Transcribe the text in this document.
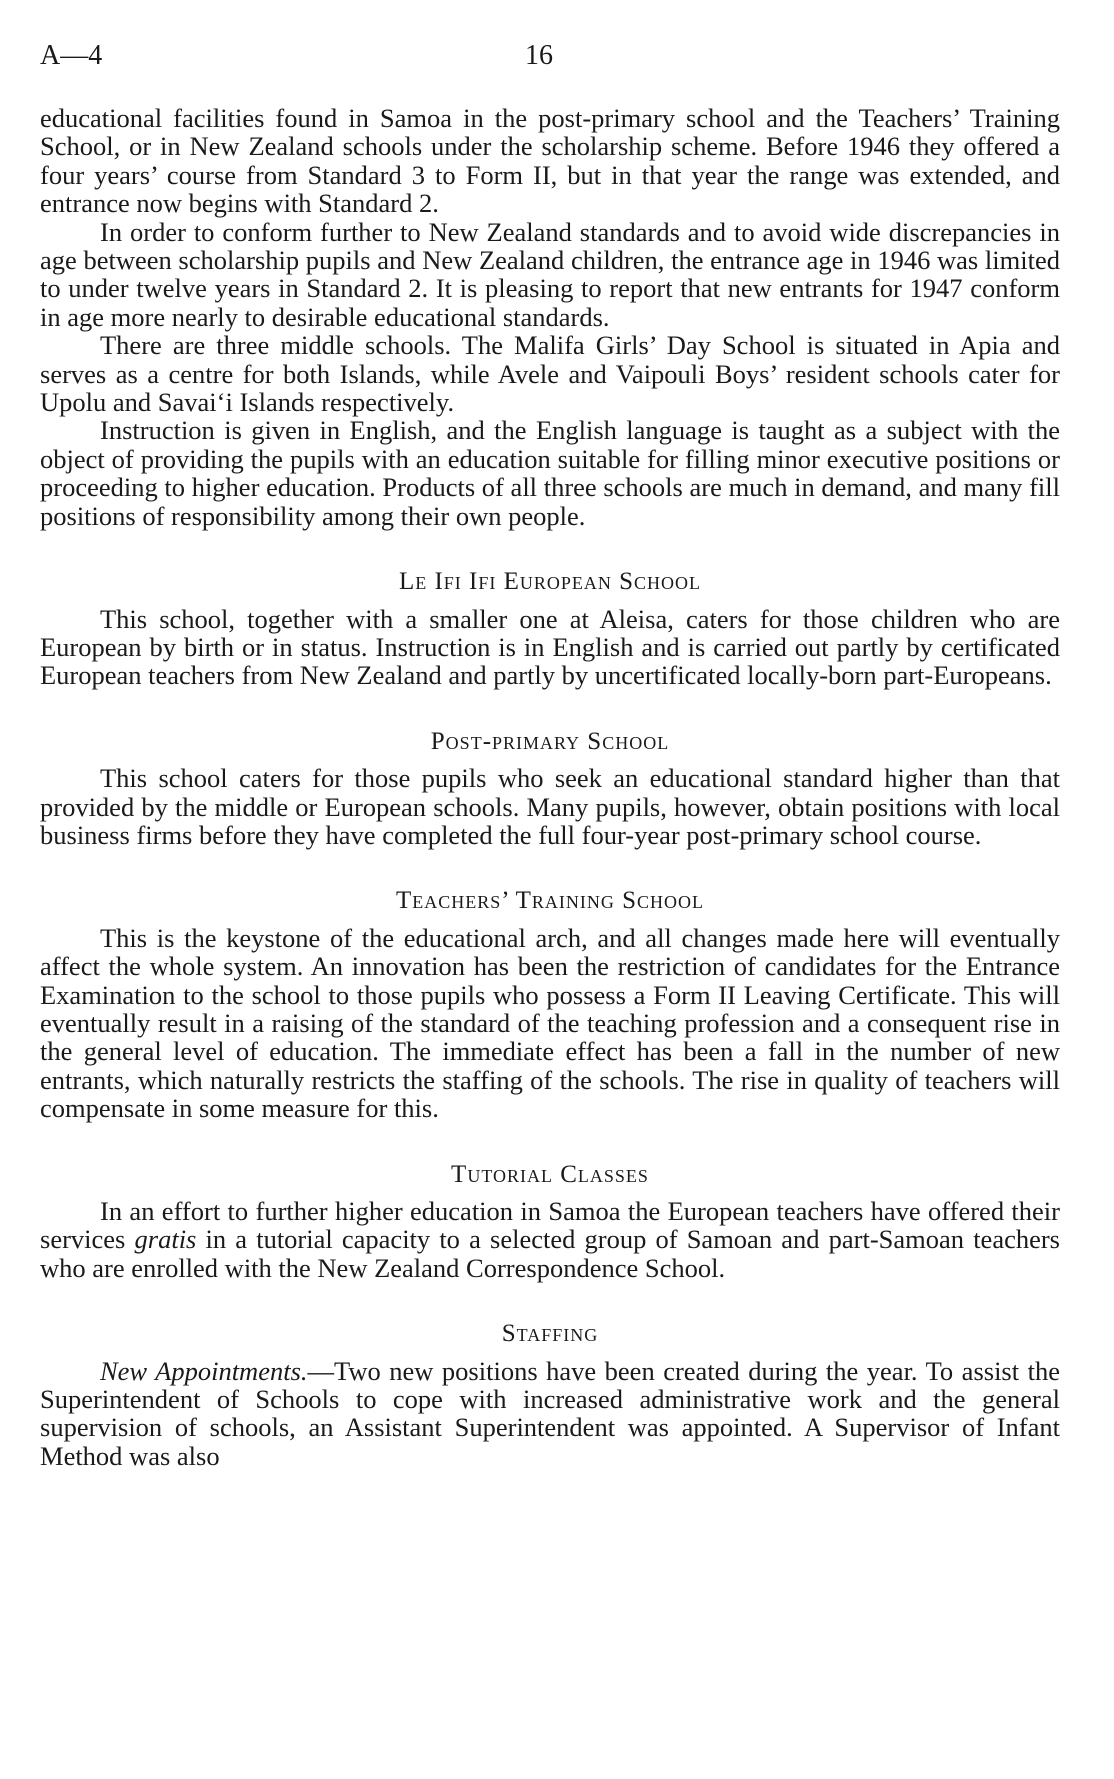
A—4	16

educational facilities found in Samoa in the post-primary school and the Teachers’ Training School, or in New Zealand schools under the scholarship scheme. Before 1946 they offered a four years’ course from Standard 3 to Form II, but in that year the range was extended, and entrance now begins with Standard 2.

In order to conform further to New Zealand standards and to avoid wide discrepancies in age between scholarship pupils and New Zealand children, the entrance age in 1946 was limited to under twelve years in Standard 2. It is pleasing to report that new entrants for 1947 conform in age more nearly to desirable educational standards.

There are three middle schools. The Malifa Girls’ Day School is situated in Apia and serves as a centre for both Islands, while Avele and Vaipouli Boys’ resident schools cater for Upolu and Savai‘i Islands respectively.

Instruction is given in English, and the English language is taught as a subject with the object of providing the pupils with an education suitable for filling minor executive positions or proceeding to higher education. Products of all three schools are much in demand, and many fill positions of responsibility among their own people.

Le Ifi Ifi European School

This school, together with a smaller one at Aleisa, caters for those children who are European by birth or in status. Instruction is in English and is carried out partly by certificated European teachers from New Zealand and partly by uncertificated locally-born part-Europeans.

Post-primary School

This school caters for those pupils who seek an educational standard higher than that provided by the middle or European schools. Many pupils, however, obtain positions with local business firms before they have completed the full four-year post-primary school course.

Teachers’ Training School

This is the keystone of the educational arch, and all changes made here will eventually affect the whole system. An innovation has been the restriction of candidates for the Entrance Examination to the school to those pupils who possess a Form II Leaving Certificate. This will eventually result in a raising of the standard of the teaching profession and a consequent rise in the general level of education. The immediate effect has been a fall in the number of new entrants, which naturally restricts the staffing of the schools. The rise in quality of teachers will compensate in some measure for this.

Tutorial Classes

In an effort to further higher education in Samoa the European teachers have offered their services gratis in a tutorial capacity to a selected group of Samoan and part-Samoan teachers who are enrolled with the New Zealand Correspondence School.

Staffing

New Appointments.—Two new positions have been created during the year. To assist the Superintendent of Schools to cope with increased administrative work and the general supervision of schools, an Assistant Superintendent was appointed. A Supervisor of Infant Method was also
